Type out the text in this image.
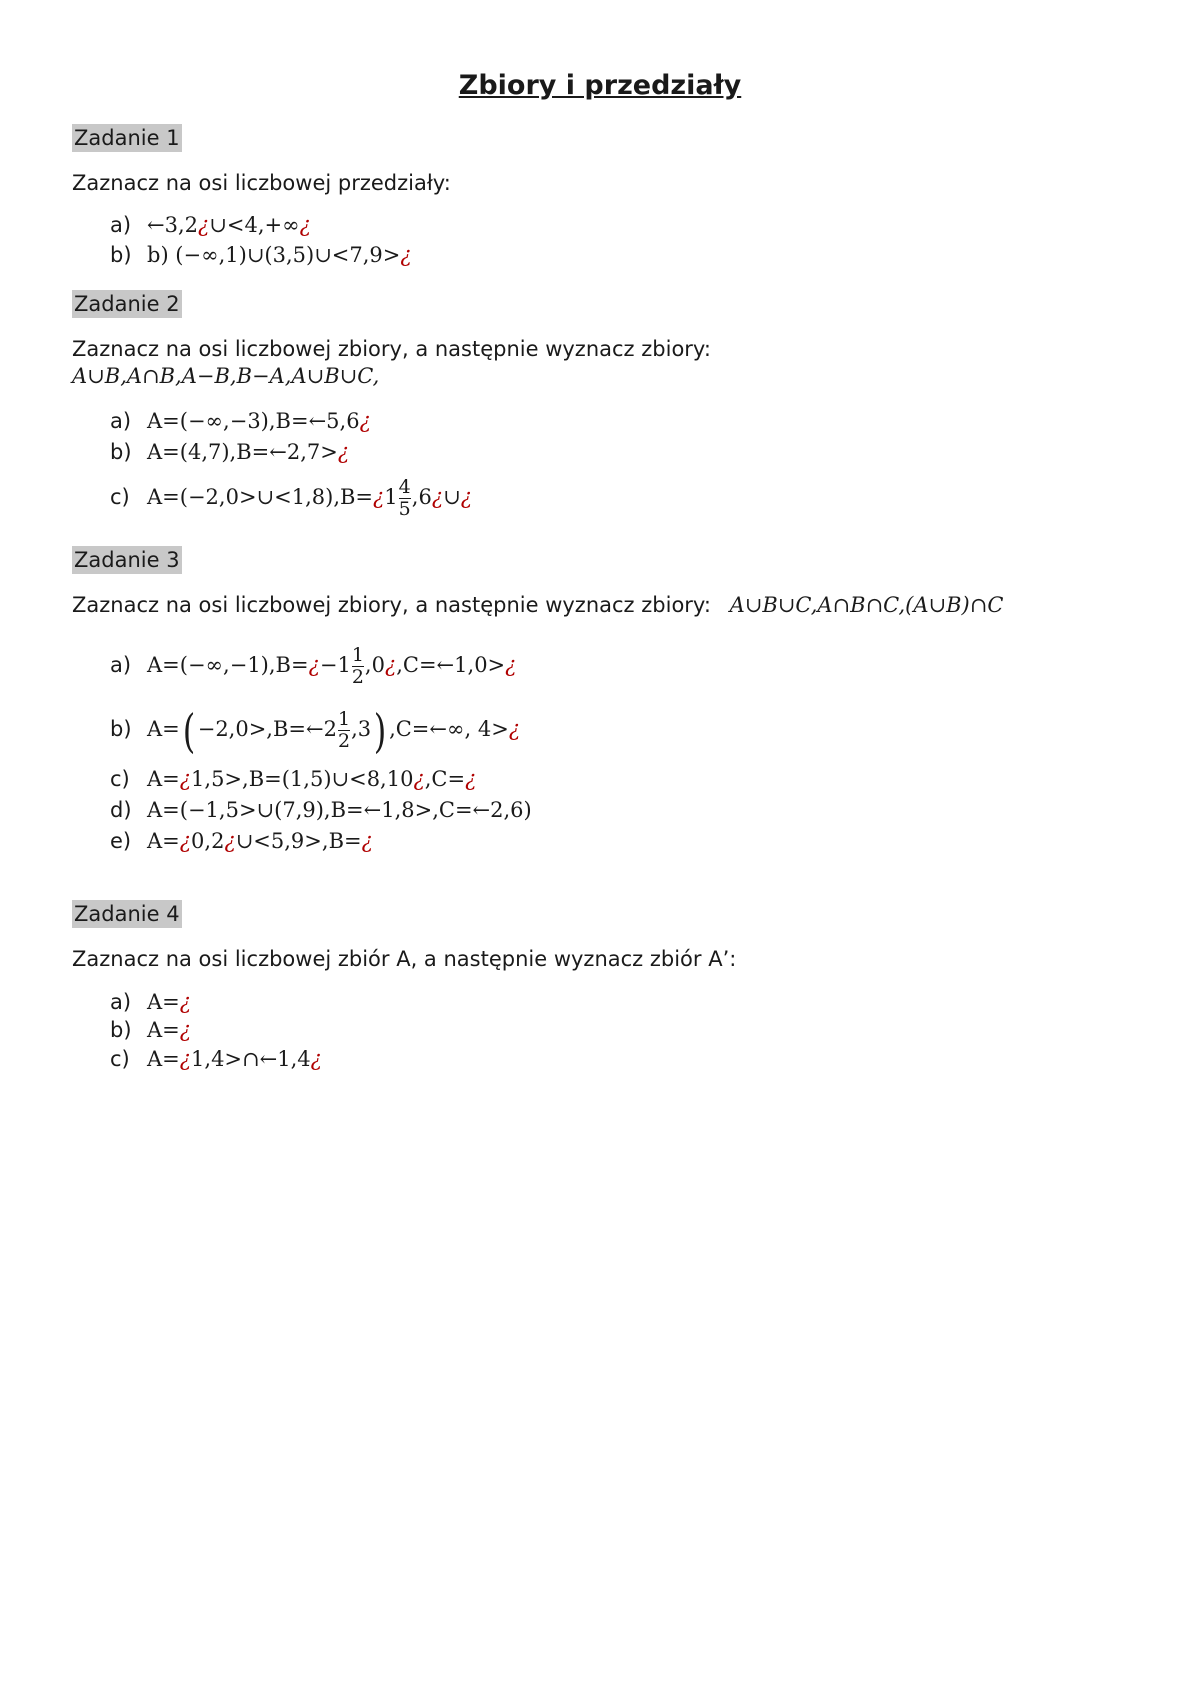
Zbiory i przedziały
Zadanie 1
Zaznacz na osi liczbowej przedziały:
a) ←3,2¿∪<4,+∞¿
b) b) (−∞,1)∪(3,5)∪<7,9>¿
Zadanie 2
Zaznacz na osi liczbowej zbiory, a następnie wyznacz zbiory:
A∪B,A∩B,A−B,B−A,A∪B∪C,
a) A=(−∞,−3),B=←5,6¿
b) A=(4,7),B=←2,7>¿
c) A=(−2,0>∪<1,8),B=¿1 $\frac{4}{5}$ ,6¿∪¿
Zadanie 3
Zaznacz na osi liczbowej zbiory, a następnie wyznacz zbiory: A∪B∪C,A∩B∩C,(A∪B)∩C
a) A=(−∞,−1),B=¿−1 $\frac{1}{2}$ ,0¿,C=←1,0>¿
b) A=( −2,0>,B=←2 $\frac{1}{2} ,3$) ,C=←∞, 4>¿
c) A=¿1,5>,B=(1,5)∪<8,10¿,C=¿
d) A=(−1,5>∪(7,9),B=←1,8>,C=←2,6)
e) A=¿0,2¿∪<5,9>,B=¿
Zadanie 4
Zaznacz na osi liczbowej zbiór A, a następnie wyznacz zbiór A’:
a) A=¿
b) A=¿
c) A=¿1,4>∩←1,4¿
